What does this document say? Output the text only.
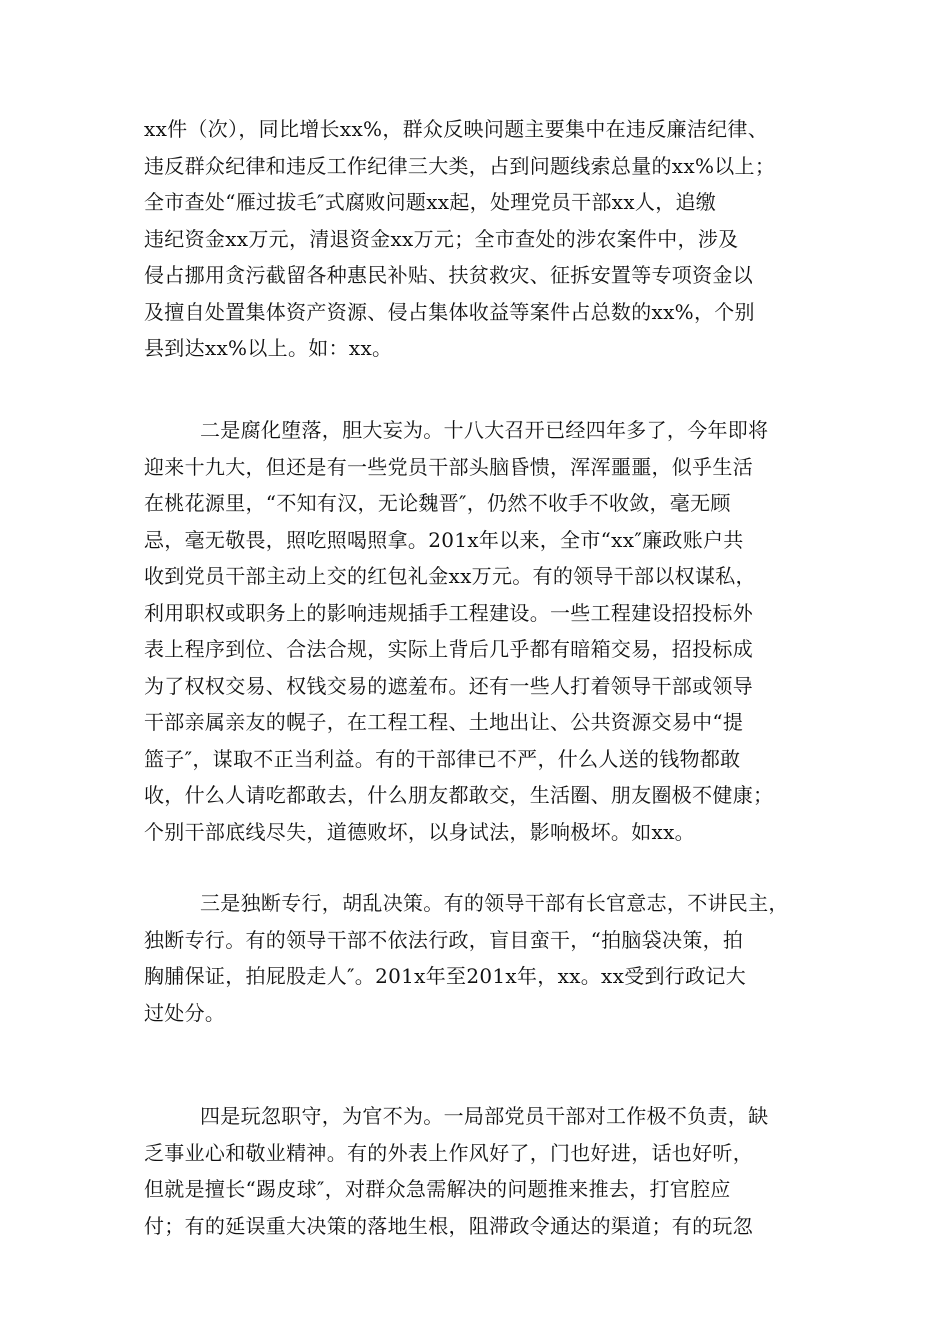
xx件（次），同比增长xx%，群众反映问题主要集中在违反廉洁纪律、
违反群众纪律和违反工作纪律三大类，占到问题线索总量的xx%以上；
全市查处“雁过拔毛″式腐败问题xx起，处理党员干部xx人，追缴
违纪资金xx万元，清退资金xx万元；全市查处的涉农案件中，涉及
侵占挪用贪污截留各种惠民补贴、扶贫救灾、征拆安置等专项资金以
及擅自处置集体资产资源、侵占集体收益等案件占总数的xx%，个别
县到达xx%以上。如：xx。

二是腐化堕落，胆大妄为。十八大召开已经四年多了，今年即将
迎来十九大，但还是有一些党员干部头脑昏愦，浑浑噩噩，似乎生活
在桃花源里，“不知有汉，无论魏晋″，仍然不收手不收敛，毫无顾
忌，毫无敬畏，照吃照喝照拿。201x年以来，全市“xx″廉政账户共
收到党员干部主动上交的红包礼金xx万元。有的领导干部以权谋私，
利用职权或职务上的影响违规插手工程建设。一些工程建设招投标外
表上程序到位、合法合规，实际上背后几乎都有暗箱交易，招投标成
为了权权交易、权钱交易的遮羞布。还有一些人打着领导干部或领导
干部亲属亲友的幌子，在工程工程、土地出让、公共资源交易中“提
篮子″，谋取不正当利益。有的干部律已不严，什么人送的钱物都敢
收，什么人请吃都敢去，什么朋友都敢交，生活圈、朋友圈极不健康；
个别干部底线尽失，道德败坏，以身试法，影响极坏。如xx。

三是独断专行，胡乱决策。有的领导干部有长官意志，不讲民主，
独断专行。有的领导干部不依法行政，盲目蛮干，“拍脑袋决策，拍
胸脯保证，拍屁股走人″。201x年至201x年，xx。xx受到行政记大
过处分。

四是玩忽职守，为官不为。一局部党员干部对工作极不负责，缺
乏事业心和敬业精神。有的外表上作风好了，门也好进，话也好听，
但就是擅长“踢皮球″，对群众急需解决的问题推来推去，打官腔应
付；有的延误重大决策的落地生根，阻滞政令通达的渠道；有的玩忽
